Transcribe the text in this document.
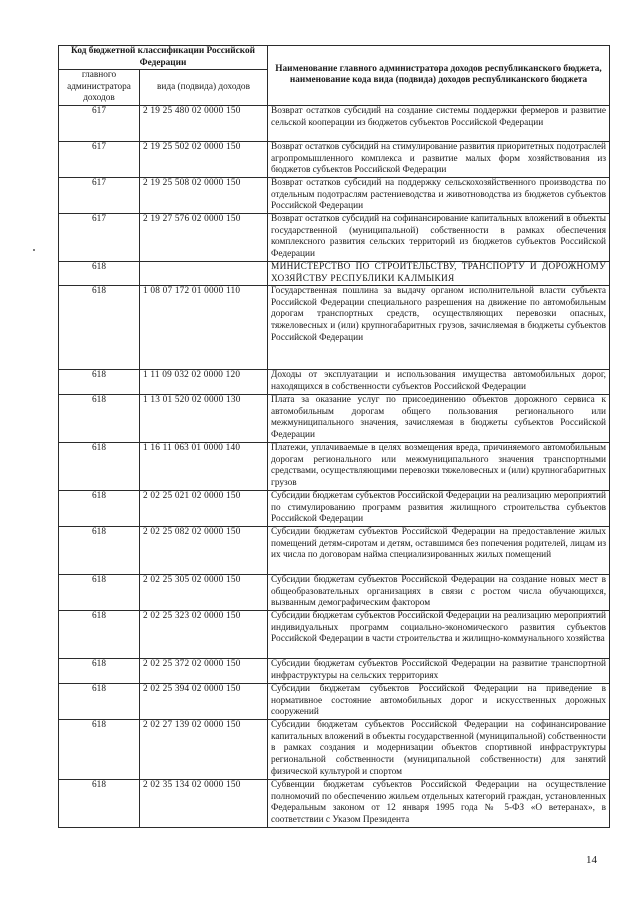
Код бюджетной классификации Российской Федерации		Наименование главного администратора доходов республиканского бюджета, наименование кода вида (подвида) доходов республиканского бюджета
главного администратора доходов	вида (подвида) доходов	
617	2 19 25 480 02 0000 150	Возврат остатков субсидий на создание системы поддержки фермеров и развитие сельской кооперации из бюджетов субъектов Российской Федерации
617	2 19 25 502 02 0000 150	Возврат остатков субсидий на стимулирование развития приоритетных подотраслей агропромышленного комплекса и развитие малых форм хозяйствования из бюджетов субъектов Российской Федерации
617	2 19 25 508 02 0000 150	Возврат остатков субсидий на поддержку сельскохозяйственного производства по отдельным подотраслям растениеводства и животноводства из бюджетов субъектов Российской Федерации
617	2 19 27 576 02 0000 150	Возврат остатков субсидий на софинансирование капитальных вложений в объекты государственной (муниципальной) собственности в рамках обеспечения комплексного развития сельских территорий из бюджетов субъектов Российской Федерации
618		МИНИСТЕРСТВО ПО СТРОИТЕЛЬСТВУ, ТРАНСПОРТУ И ДОРОЖНОМУ ХОЗЯЙСТВУ РЕСПУБЛИКИ КАЛМЫКИЯ
618	1 08 07 172 01 0000 110	Государственная пошлина за выдачу органом исполнительной власти субъекта Российской Федерации специального разрешения на движение по автомобильным дорогам транспортных средств, осуществляющих перевозки опасных, тяжеловесных и (или) крупногабаритных грузов, зачисляемая в бюджеты субъектов Российской Федерации
618	1 11 09 032 02 0000 120	Доходы от эксплуатации и использования имущества автомобильных дорог, находящихся в собственности субъектов Российской Федерации
618	1 13 01 520 02 0000 130	Плата за оказание услуг по присоединению объектов дорожного сервиса к автомобильным дорогам общего пользования регионального или межмуниципального значения, зачисляемая в бюджеты субъектов Российской Федерации
618	1 16 11 063 01 0000 140	Платежи, уплачиваемые в целях возмещения вреда, причиняемого автомобильным дорогам регионального или межмуниципального значения транспортными средствами, осуществляющими перевозки тяжеловесных и (или) крупногабаритных грузов
618	2 02 25 021 02 0000 150	Субсидии бюджетам субъектов Российской Федерации на реализацию мероприятий по стимулированию программ развития жилищного строительства субъектов Российской Федерации
618	2 02 25 082 02 0000 150	Субсидии бюджетам субъектов Российской Федерации на предоставление жилых помещений детям-сиротам и детям, оставшимся без попечения родителей, лицам из их числа по договорам найма специализированных жилых помещений
618	2 02 25 305 02 0000 150	Субсидии бюджетам субъектов Российской Федерации на создание новых мест в общеобразовательных организациях в связи с ростом числа обучающихся, вызванным демографическим фактором
618	2 02 25 323 02 0000 150	Субсидии бюджетам субъектов Российской Федерации на реализацию мероприятий индивидуальных программ социально-экономического развития субъектов Российской Федерации в части строительства и жилищно-коммунального хозяйства
618	2 02 25 372 02 0000 150	Субсидии бюджетам субъектов Российской Федерации на развитие транспортной инфраструктуры на сельских территориях
618	2 02 25 394 02 0000 150	Субсидии бюджетам субъектов Российской Федерации на приведение в нормативное состояние автомобильных дорог и искусственных дорожных сооружений
618	2 02 27 139 02 0000 150	Субсидии бюджетам субъектов Российской Федерации на софинансирование капитальных вложений в объекты государственной (муниципальной) собственности в рамках создания и модернизации объектов спортивной инфраструктуры региональной собственности (муниципальной собственности) для занятий физической культурой и спортом
618	2 02 35 134 02 0000 150	Субвенции бюджетам субъектов Российской Федерации на осуществление полномочий по обеспечению жильем отдельных категорий граждан, установленных Федеральным законом от 12 января 1995 года № 5-ФЗ «О ветеранах», в соответствии с Указом Президента
14
